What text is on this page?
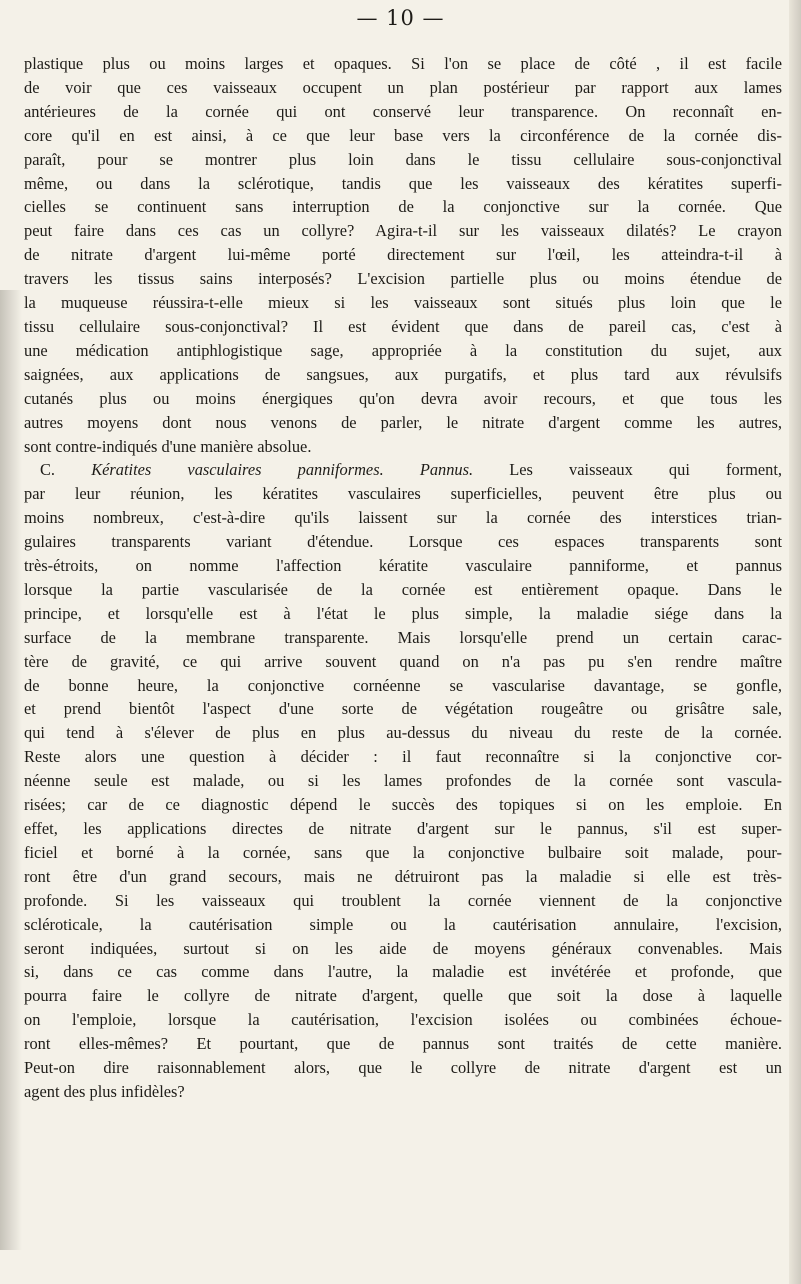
— 10 —
plastique plus ou moins larges et opaques. Si l'on se place de côté , il est facile
de voir que ces vaisseaux occupent un plan postérieur par rapport aux lames
antérieures de la cornée qui ont conservé leur transparence. On reconnaît en-
core qu'il en est ainsi, à ce que leur base vers la circonférence de la cornée dis-
paraît, pour se montrer plus loin dans le tissu cellulaire sous-conjonctival
même, ou dans la sclérotique, tandis que les vaisseaux des kératites superfi-
cielles se continuent sans interruption de la conjonctive sur la cornée. Que
peut faire dans ces cas un collyre? Agira-t-il sur les vaisseaux dilatés? Le crayon
de nitrate d'argent lui-même porté directement sur l'œil, les atteindra-t-il à
travers les tissus sains interposés? L'excision partielle plus ou moins étendue de
la muqueuse réussira-t-elle mieux si les vaisseaux sont situés plus loin que le
tissu cellulaire sous-conjonctival? Il est évident que dans de pareil cas, c'est à
une médication antiphlogistique sage, appropriée à la constitution du sujet, aux
saignées, aux applications de sangsues, aux purgatifs, et plus tard aux révulsifs
cutanés plus ou moins énergiques qu'on devra avoir recours, et que tous les
autres moyens dont nous venons de parler, le nitrate d'argent comme les autres,
sont contre-indiqués d'une manière absolue.
C. Kératites vasculaires panniformes. Pannus. Les vaisseaux qui forment,
par leur réunion, les kératites vasculaires superficielles, peuvent être plus ou
moins nombreux, c'est-à-dire qu'ils laissent sur la cornée des interstices trian-
gulaires transparents variant d'étendue. Lorsque ces espaces transparents sont
très-étroits, on nomme l'affection kératite vasculaire panniforme, et pannus
lorsque la partie vascularisée de la cornée est entièrement opaque. Dans le
principe, et lorsqu'elle est à l'état le plus simple, la maladie siége dans la
surface de la membrane transparente. Mais lorsqu'elle prend un certain carac-
tère de gravité, ce qui arrive souvent quand on n'a pas pu s'en rendre maître
de bonne heure, la conjonctive cornéenne se vascularise davantage, se gonfle,
et prend bientôt l'aspect d'une sorte de végétation rougeâtre ou grisâtre sale,
qui tend à s'élever de plus en plus au-dessus du niveau du reste de la cornée.
Reste alors une question à décider : il faut reconnaître si la conjonctive cor-
néenne seule est malade, ou si les lames profondes de la cornée sont vascula-
risées; car de ce diagnostic dépend le succès des topiques si on les emploie. En
effet, les applications directes de nitrate d'argent sur le pannus, s'il est super-
ficiel et borné à la cornée, sans que la conjonctive bulbaire soit malade, pour-
ront être d'un grand secours, mais ne détruiront pas la maladie si elle est très-
profonde. Si les vaisseaux qui troublent la cornée viennent de la conjonctive
scléroticale, la cautérisation simple ou la cautérisation annulaire, l'excision,
seront indiquées, surtout si on les aide de moyens généraux convenables. Mais
si, dans ce cas comme dans l'autre, la maladie est invétérée et profonde, que
pourra faire le collyre de nitrate d'argent, quelle que soit la dose à laquelle
on l'emploie, lorsque la cautérisation, l'excision isolées ou combinées échoue-
ront elles-mêmes? Et pourtant, que de pannus sont traités de cette manière.
Peut-on dire raisonnablement alors, que le collyre de nitrate d'argent est un
agent des plus infidèles?
